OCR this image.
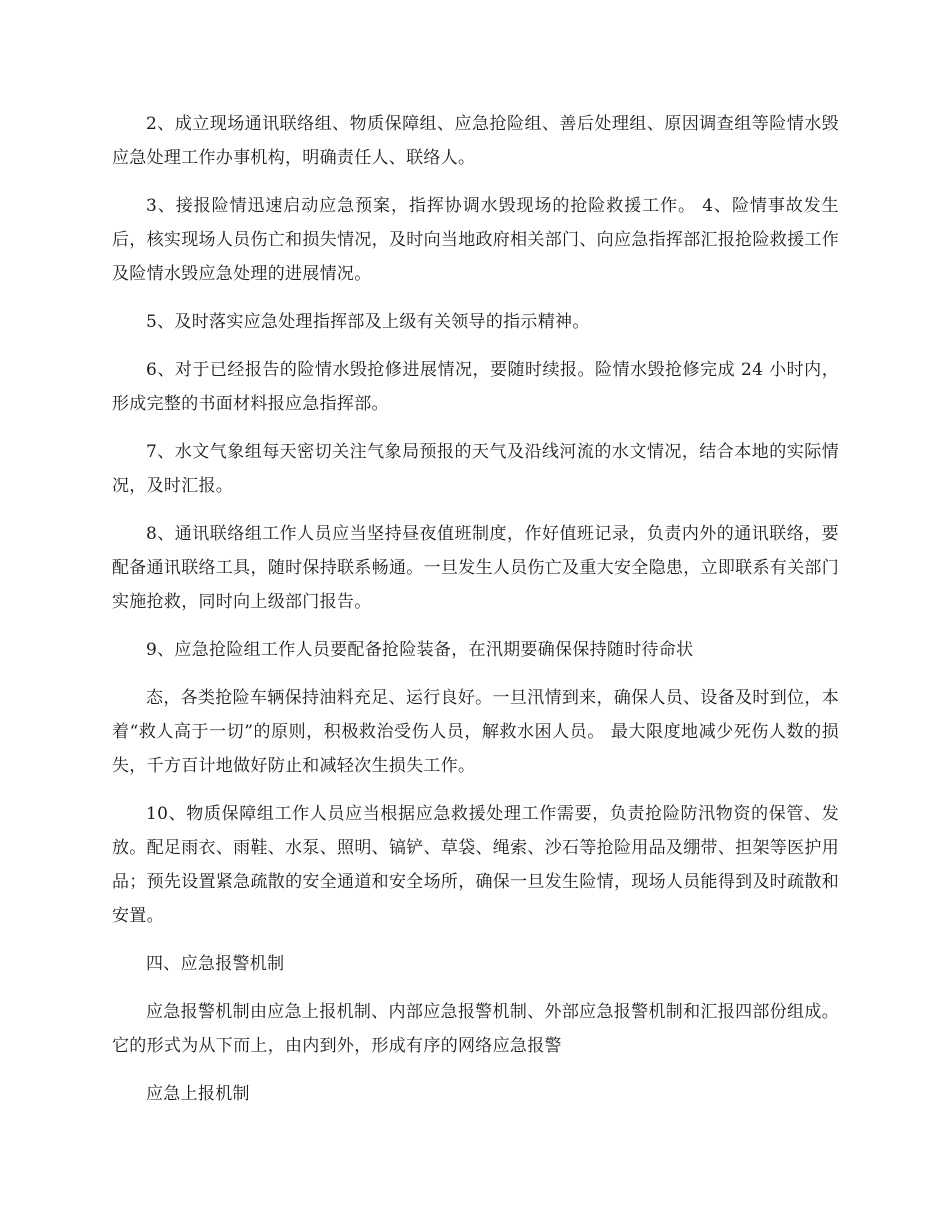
2、成立现场通讯联络组、物质保障组、应急抢险组、善后处理组、原因调查组等险情水毁应急处理工作办事机构，明确责任人、联络人。

3、接报险情迅速启动应急预案，指挥协调水毁现场的抢险救援工作。 4、险情事故发生后，核实现场人员伤亡和损失情况，及时向当地政府相关部门、向应急指挥部汇报抢险救援工作及险情水毁应急处理的进展情况。

5、及时落实应急处理指挥部及上级有关领导的指示精神。

6、对于已经报告的险情水毁抢修进展情况，要随时续报。险情水毁抢修完成 24 小时内，形成完整的书面材料报应急指挥部。

7、水文气象组每天密切关注气象局预报的天气及沿线河流的水文情况，结合本地的实际情况，及时汇报。

8、通讯联络组工作人员应当坚持昼夜值班制度，作好值班记录，负责内外的通讯联络，要配备通讯联络工具，随时保持联系畅通。一旦发生人员伤亡及重大安全隐患，立即联系有关部门实施抢救，同时向上级部门报告。

9、应急抢险组工作人员要配备抢险装备，在汛期要确保保持随时待命状

态，各类抢险车辆保持油料充足、运行良好。一旦汛情到来，确保人员、设备及时到位，本着“救人高于一切”的原则，积极救治受伤人员，解救水困人员。 最大限度地减少死伤人数的损失，千方百计地做好防止和减轻次生损失工作。

10、物质保障组工作人员应当根据应急救援处理工作需要，负责抢险防汛物资的保管、发放。配足雨衣、雨鞋、水泵、照明、镐铲、草袋、绳索、沙石等抢险用品及绷带、担架等医护用品；预先设置紧急疏散的安全通道和安全场所，确保一旦发生险情，现场人员能得到及时疏散和安置。

四、应急报警机制

应急报警机制由应急上报机制、内部应急报警机制、外部应急报警机制和汇报四部份组成。它的形式为从下而上，由内到外，形成有序的网络应急报警

应急上报机制
